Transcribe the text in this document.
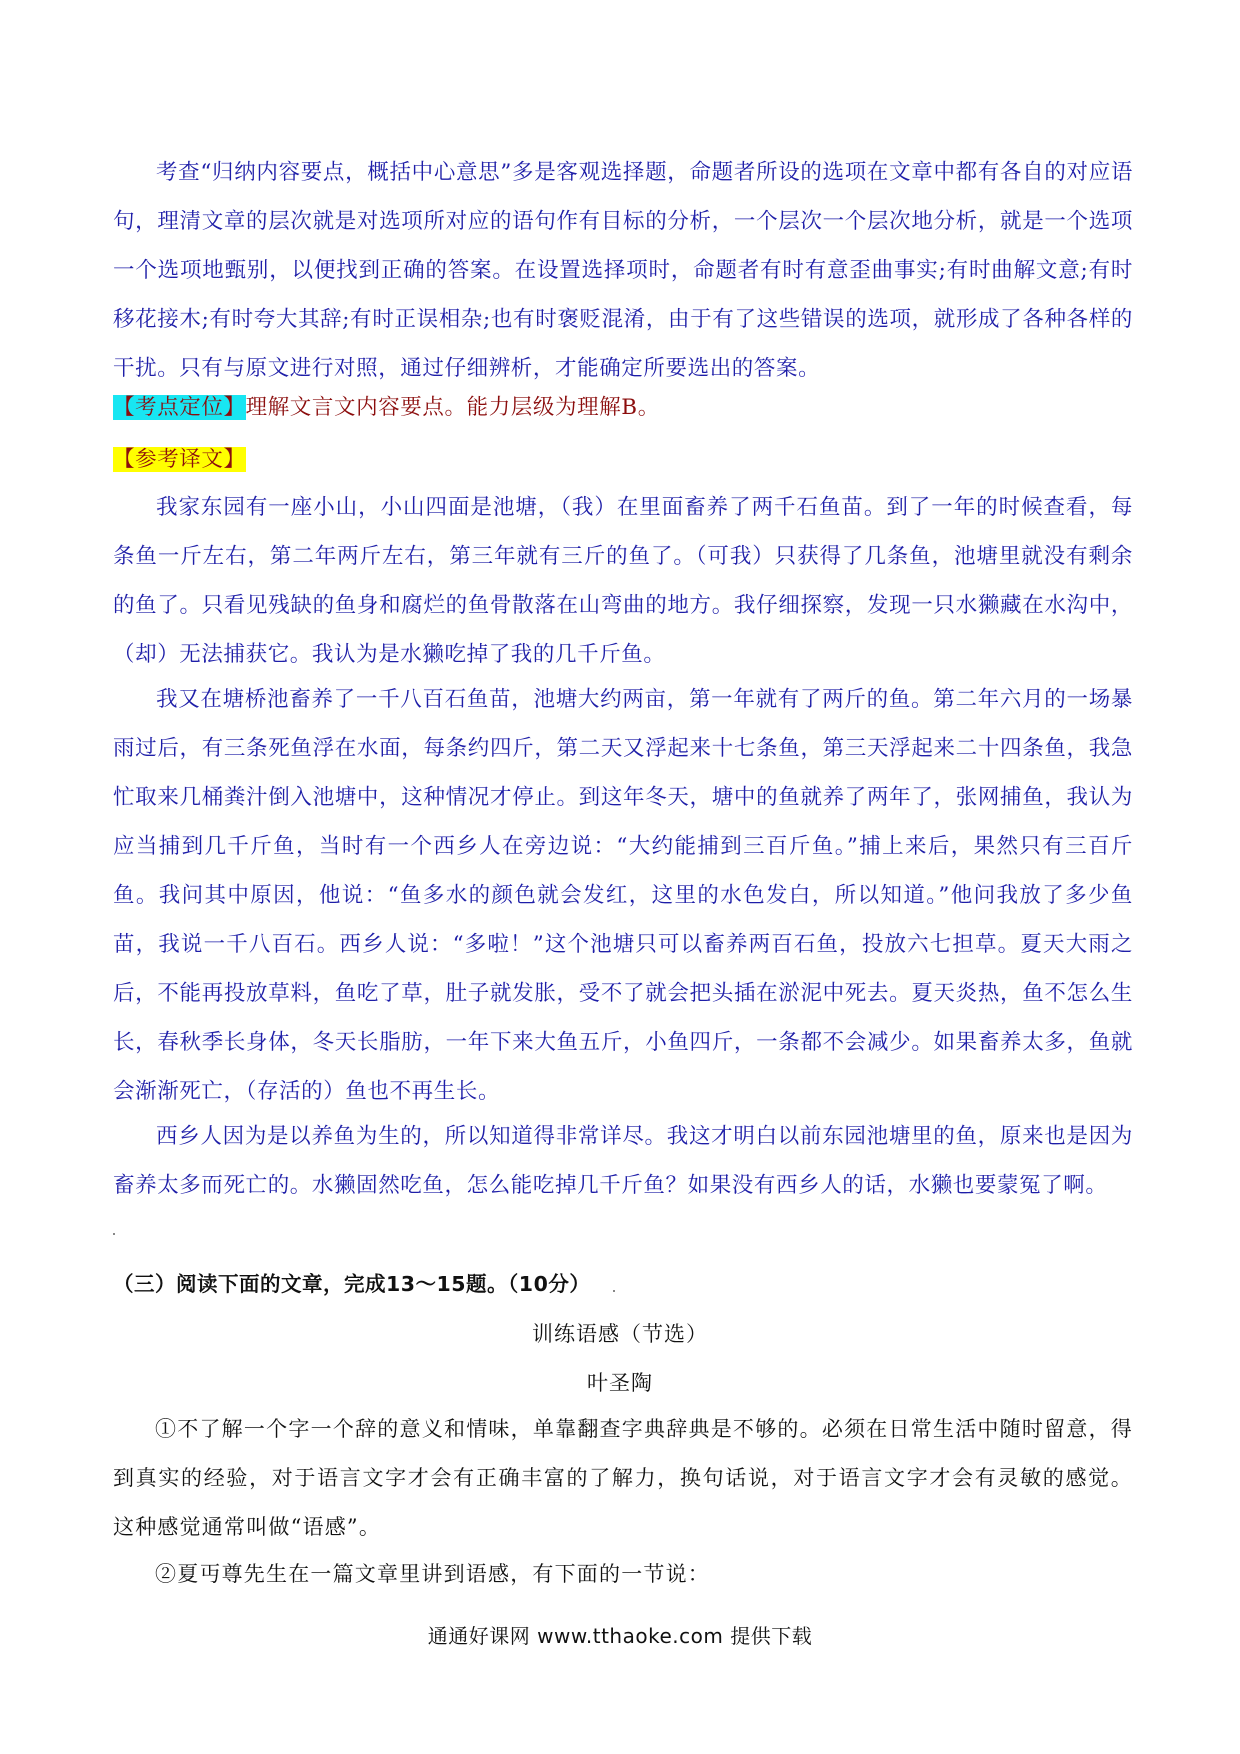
考查“归纳内容要点，概括中心意思”多是客观选择题，命题者所设的选项在文章中都有各自的对应语句，理清文章的层次就是对选项所对应的语句作有目标的分析，一个层次一个层次地分析，就是一个选项一个选项地甄别，以便找到正确的答案。在设置选择项时，命题者有时有意歪曲事实;有时曲解文意;有时移花接木;有时夸大其辞;有时正误相杂;也有时褒贬混淆，由于有了这些错误的选项，就形成了各种各样的干扰。只有与原文进行对照，通过仔细辨析，才能确定所要选出的答案。

【考点定位】理解文言文内容要点。能力层级为理解B。

【参考译文】

我家东园有一座小山，小山四面是池塘，（我）在里面畜养了两千石鱼苗。到了一年的时候查看，每条鱼一斤左右，第二年两斤左右，第三年就有三斤的鱼了。（可我）只获得了几条鱼，池塘里就没有剩余的鱼了。只看见残缺的鱼身和腐烂的鱼骨散落在山弯曲的地方。我仔细探察，发现一只水獭藏在水沟中，（却）无法捕获它。我认为是水獭吃掉了我的几千斤鱼。

我又在塘桥池畜养了一千八百石鱼苗，池塘大约两亩，第一年就有了两斤的鱼。第二年六月的一场暴雨过后，有三条死鱼浮在水面，每条约四斤，第二天又浮起来十七条鱼，第三天浮起来二十四条鱼，我急忙取来几桶粪汁倒入池塘中，这种情况才停止。到这年冬天，塘中的鱼就养了两年了，张网捕鱼，我认为应当捕到几千斤鱼，当时有一个西乡人在旁边说：“大约能捕到三百斤鱼。”捕上来后，果然只有三百斤鱼。我问其中原因，他说：“鱼多水的颜色就会发红，这里的水色发白，所以知道。”他问我放了多少鱼苗，我说一千八百石。西乡人说：“多啦！”这个池塘只可以畜养两百石鱼，投放六七担草。夏天大雨之后，不能再投放草料，鱼吃了草，肚子就发胀，受不了就会把头插在淤泥中死去。夏天炎热，鱼不怎么生长，春秋季长身体，冬天长脂肪，一年下来大鱼五斤，小鱼四斤，一条都不会减少。如果畜养太多，鱼就会渐渐死亡，（存活的）鱼也不再生长。

西乡人因为是以养鱼为生的，所以知道得非常详尽。我这才明白以前东园池塘里的鱼，原来也是因为畜养太多而死亡的。水獭固然吃鱼，怎么能吃掉几千斤鱼？如果没有西乡人的话，水獭也要蒙冤了啊。

（三）阅读下面的文章，完成13～15题。（10分）
训练语感（节选）
叶圣陶

①不了解一个字一个辞的意义和情味，单靠翻查字典辞典是不够的。必须在日常生活中随时留意，得到真实的经验，对于语言文字才会有正确丰富的了解力，换句话说，对于语言文字才会有灵敏的感觉。这种感觉通常叫做“语感”。

②夏丏尊先生在一篇文章里讲到语感，有下面的一节说：

通通好课网 www.tthaoke.com 提供下载
